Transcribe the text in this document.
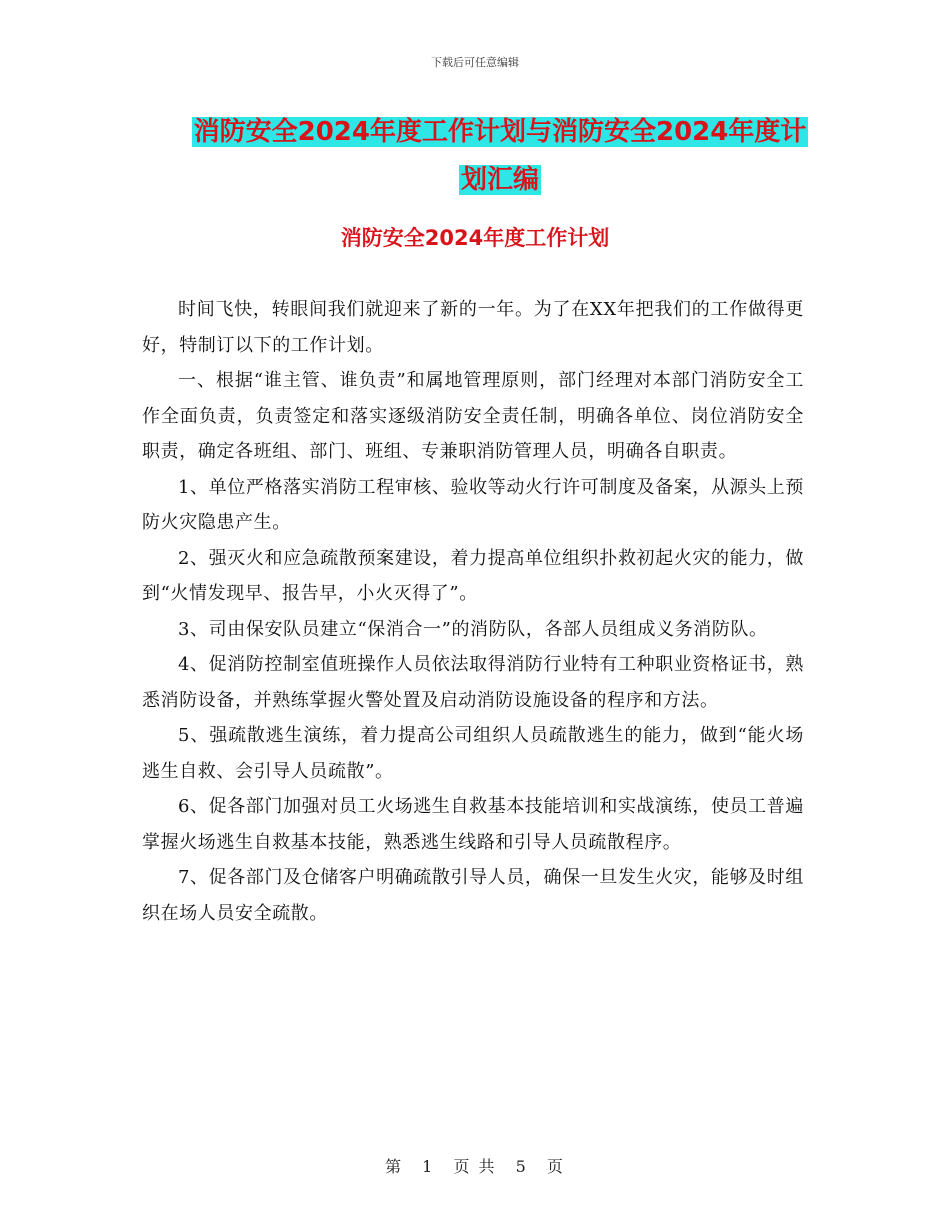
下载后可任意编辑
消防安全2024年度工作计划与消防安全2024年度计
划汇编
消防安全2024年度工作计划

时间飞快，转眼间我们就迎来了新的一年。为了在XX年把我们的工作做得更好，特制订以下的工作计划。

一、根据“谁主管、谁负责”和属地管理原则，部门经理对本部门消防安全工作全面负责，负责签定和落实逐级消防安全责任制，明确各单位、岗位消防安全职责，确定各班组、部门、班组、专兼职消防管理人员，明确各自职责。

1、单位严格落实消防工程审核、验收等动火行许可制度及备案，从源头上预防火灾隐患产生。

2、强灭火和应急疏散预案建设，着力提高单位组织扑救初起火灾的能力，做到“火情发现早、报告早，小火灭得了”。

3、司由保安队员建立“保消合一”的消防队，各部人员组成义务消防队。

4、促消防控制室值班操作人员依法取得消防行业特有工种职业资格证书，熟悉消防设备，并熟练掌握火警处置及启动消防设施设备的程序和方法。

5、强疏散逃生演练，着力提高公司组织人员疏散逃生的能力，做到“能火场逃生自救、会引导人员疏散”。

6、促各部门加强对员工火场逃生自救基本技能培训和实战演练，使员工普遍掌握火场逃生自救基本技能，熟悉逃生线路和引导人员疏散程序。

7、促各部门及仓储客户明确疏散引导人员，确保一旦发生火灾，能够及时组织在场人员安全疏散。

第 1 页 共 5 页
